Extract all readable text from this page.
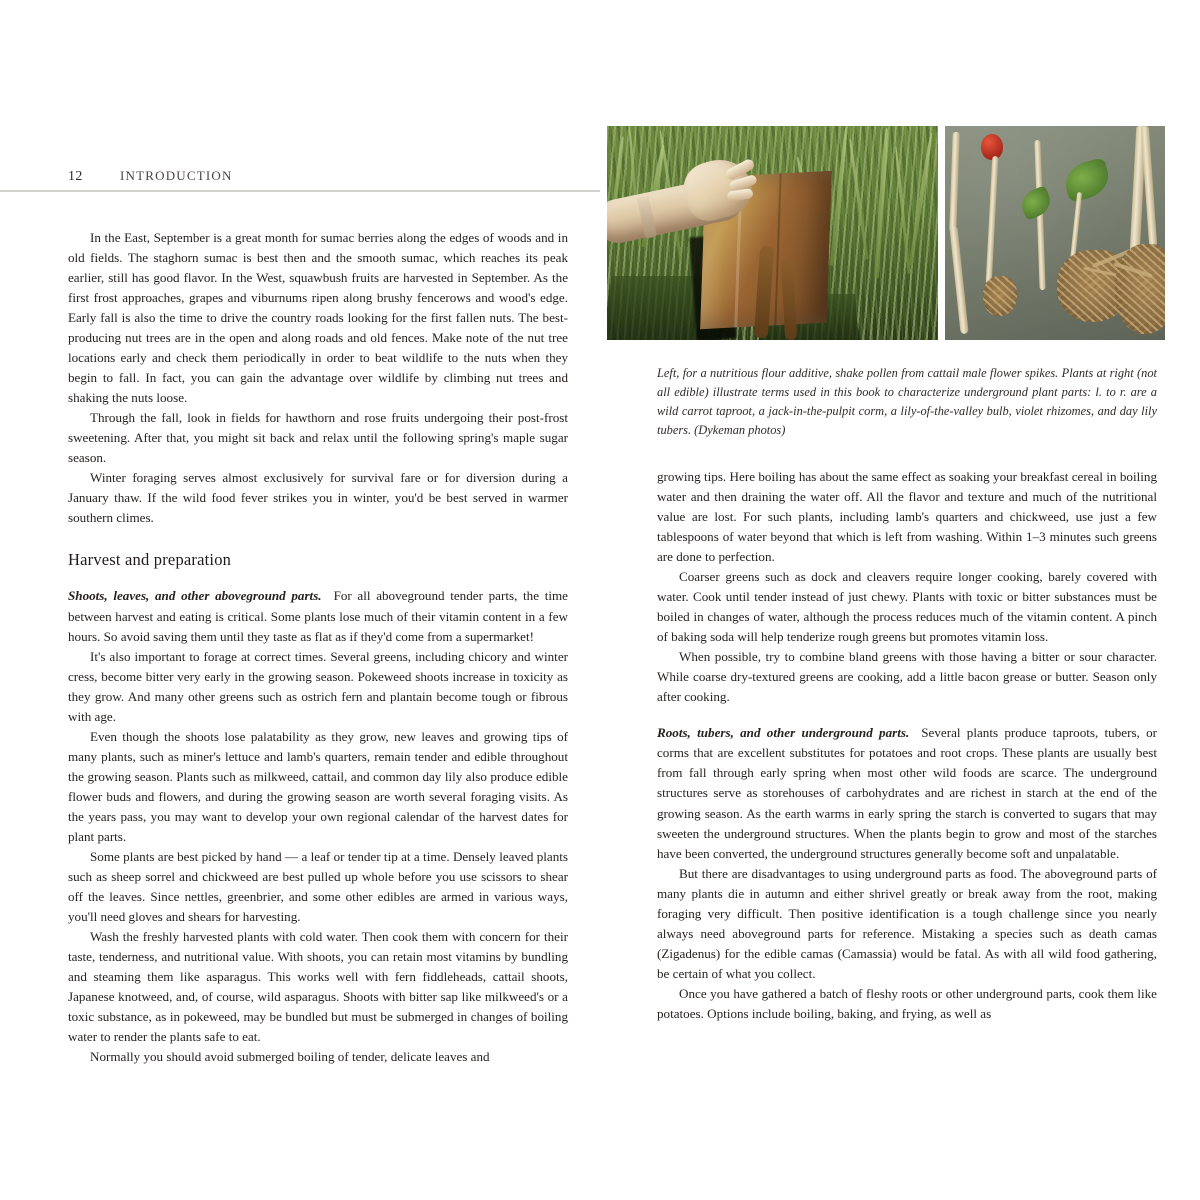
12	INTRODUCTION

In the East, September is a great month for sumac berries along the edges of woods and in old fields. The staghorn sumac is best then and the smooth sumac, which reaches its peak earlier, still has good flavor. In the West, squawbush fruits are harvested in September. As the first frost approaches, grapes and viburnums ripen along brushy fencerows and wood's edge. Early fall is also the time to drive the country roads looking for the first fallen nuts. The best-producing nut trees are in the open and along roads and old fences. Make note of the nut tree locations early and check them periodically in order to beat wildlife to the nuts when they begin to fall. In fact, you can gain the advantage over wildlife by climbing nut trees and shaking the nuts loose.

Through the fall, look in fields for hawthorn and rose fruits undergoing their post-frost sweetening. After that, you might sit back and relax until the following spring's maple sugar season.

Winter foraging serves almost exclusively for survival fare or for diversion during a January thaw. If the wild food fever strikes you in winter, you'd be best served in warmer southern climes.

Harvest and preparation

Shoots, leaves, and other aboveground parts. For all aboveground tender parts, the time between harvest and eating is critical. Some plants lose much of their vitamin content in a few hours. So avoid saving them until they taste as flat as if they'd come from a supermarket!

It's also important to forage at correct times. Several greens, including chicory and winter cress, become bitter very early in the growing season. Pokeweed shoots increase in toxicity as they grow. And many other greens such as ostrich fern and plantain become tough or fibrous with age.

Even though the shoots lose palatability as they grow, new leaves and growing tips of many plants, such as miner's lettuce and lamb's quarters, remain tender and edible throughout the growing season. Plants such as milkweed, cattail, and common day lily also produce edible flower buds and flowers, and during the growing season are worth several foraging visits. As the years pass, you may want to develop your own regional calendar of the harvest dates for plant parts.

Some plants are best picked by hand — a leaf or tender tip at a time. Densely leaved plants such as sheep sorrel and chickweed are best pulled up whole before you use scissors to shear off the leaves. Since nettles, greenbrier, and some other edibles are armed in various ways, you'll need gloves and shears for harvesting.

Wash the freshly harvested plants with cold water. Then cook them with concern for their taste, tenderness, and nutritional value. With shoots, you can retain most vitamins by bundling and steaming them like asparagus. This works well with fern fiddleheads, cattail shoots, Japanese knotweed, and, of course, wild asparagus. Shoots with bitter sap like milkweed's or a toxic substance, as in pokeweed, may be bundled but must be submerged in changes of boiling water to render the plants safe to eat.

Normally you should avoid submerged boiling of tender, delicate leaves and

Left, for a nutritious flour additive, shake pollen from cattail male flower spikes. Plants at right (not all edible) illustrate terms used in this book to characterize underground plant parts: l. to r. are a wild carrot taproot, a jack-in-the-pulpit corm, a lily-of-the-valley bulb, violet rhizomes, and day lily tubers. (Dykeman photos)

growing tips. Here boiling has about the same effect as soaking your breakfast cereal in boiling water and then draining the water off. All the flavor and texture and much of the nutritional value are lost. For such plants, including lamb's quarters and chickweed, use just a few tablespoons of water beyond that which is left from washing. Within 1–3 minutes such greens are done to perfection.

Coarser greens such as dock and cleavers require longer cooking, barely covered with water. Cook until tender instead of just chewy. Plants with toxic or bitter substances must be boiled in changes of water, although the process reduces much of the vitamin content. A pinch of baking soda will help tenderize rough greens but promotes vitamin loss.

When possible, try to combine bland greens with those having a bitter or sour character. While coarse dry-textured greens are cooking, add a little bacon grease or butter. Season only after cooking.

Roots, tubers, and other underground parts. Several plants produce taproots, tubers, or corms that are excellent substitutes for potatoes and root crops. These plants are usually best from fall through early spring when most other wild foods are scarce. The underground structures serve as storehouses of carbohydrates and are richest in starch at the end of the growing season. As the earth warms in early spring the starch is converted to sugars that may sweeten the underground structures. When the plants begin to grow and most of the starches have been converted, the underground structures generally become soft and unpalatable.

But there are disadvantages to using underground parts as food. The aboveground parts of many plants die in autumn and either shrivel greatly or break away from the root, making foraging very difficult. Then positive identification is a tough challenge since you nearly always need aboveground parts for reference. Mistaking a species such as death camas (Zigadenus) for the edible camas (Camassia) would be fatal. As with all wild food gathering, be certain of what you collect.

Once you have gathered a batch of fleshy roots or other underground parts, cook them like potatoes. Options include boiling, baking, and frying, as well as
